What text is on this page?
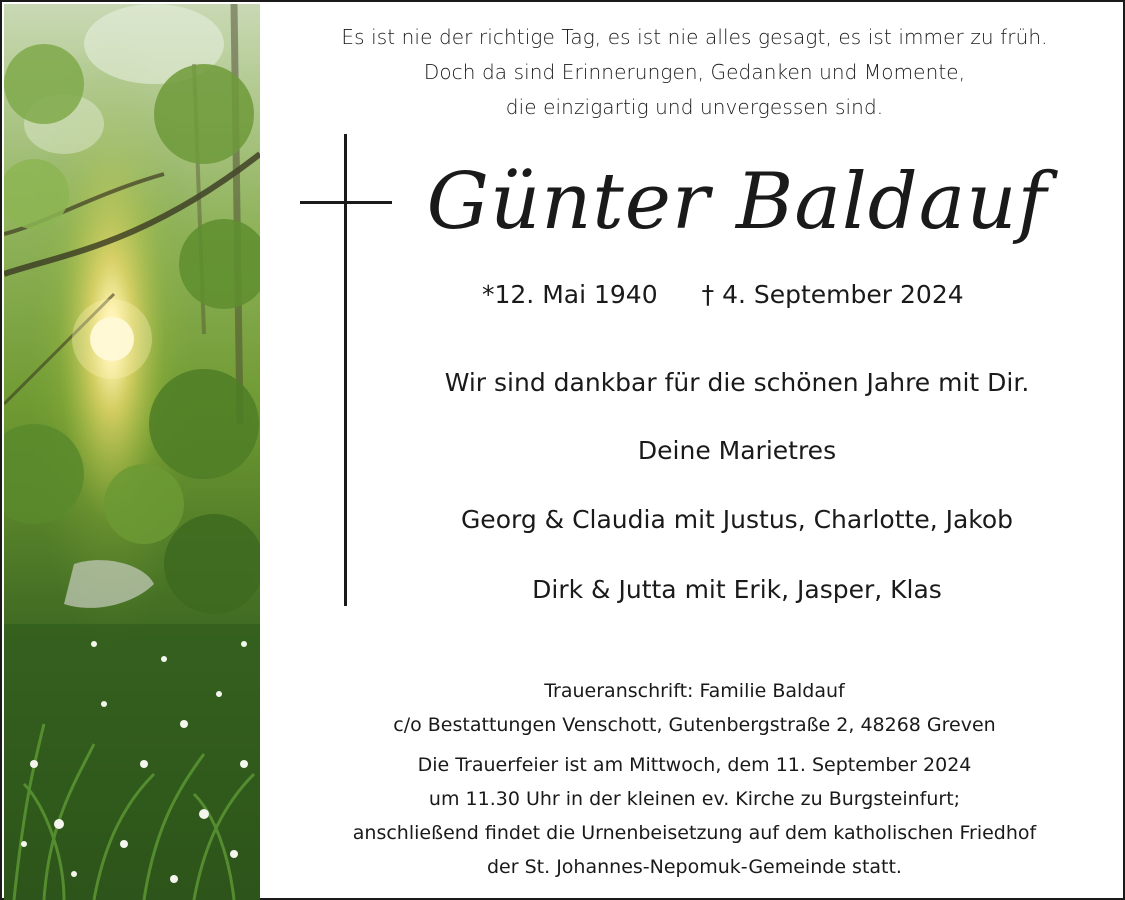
Es ist nie der richtige Tag, es ist nie alles gesagt, es ist immer zu früh.
Doch da sind Erinnerungen, Gedanken und Momente,
die einzigartig und unvergessen sind.
Günter Baldauf
*12. Mai 1940 † 4. September 2024
Wir sind dankbar für die schönen Jahre mit Dir.
Deine Marietres
Georg & Claudia mit Justus, Charlotte, Jakob
Dirk & Jutta mit Erik, Jasper, Klas
Traueranschrift: Familie Baldauf
c/o Bestattungen Venschott, Gutenbergstraße 2, 48268 Greven
Die Trauerfeier ist am Mittwoch, dem 11. September 2024
um 11.30 Uhr in der kleinen ev. Kirche zu Burgsteinfurt;
anschließend findet die Urnenbeisetzung auf dem katholischen Friedhof
der St. Johannes-Nepomuk-Gemeinde statt.
